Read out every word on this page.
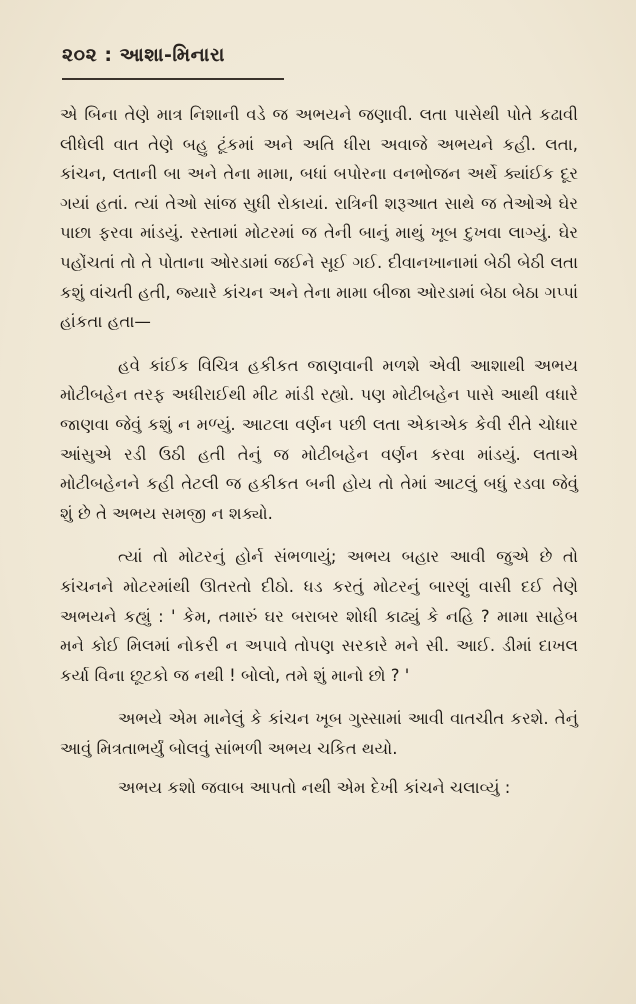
૨૦૨ : આશા-મિનારા

એ બિના તેણે માત્ર નિશાની વડે જ અભયને જણાવી. લતા પાસેથી પોતે કઢાવી લીધેલી વાત તેણે બહુ ટૂંકમાં અને અતિ ધીરા અવાજે અભયને કહી. લતા, કાંચન, લતાની બા અને તેના મામા, બધાં બપોરના વનભોજન અર્થે ક્યાંઈક દૂર ગયાં હતાં. ત્યાં તેઓ સાંજ સુધી રોકાયાં. રાત્રિની શરૂઆત સાથે જ તેઓએ ઘેર પાછા ફરવા માંડયું. રસ્તામાં મોટરમાં જ તેની બાનું માથું ખૂબ દુખવા લાગ્યું. ઘેર પહોંચતાં તો તે પોતાના ઓરડામાં જઈને સૂઈ ગઈ. દીવાનખાનામાં બેઠી બેઠી લતા કશું વાંચતી હતી, જ્યારે કાંચન અને તેના મામા બીજા ઓરડામાં બેઠા બેઠા ગપ્પાં હાંકતા હતા—

હવે કાંઈક વિચિત્ર હકીકત જાણવાની મળશે એવી આશાથી અભય મોટીબહેન તરફ અધીરાઈથી મીટ માંડી રહ્યો. પણ મોટીબહેન પાસે આથી વધારે જાણવા જેવું કશું ન મળ્યું. આટલા વર્ણન પછી લતા એકાએક કેવી રીતે ચોધાર આંસુએ રડી ઉઠી હતી તેનું જ મોટીબહેન વર્ણન કરવા માંડયું. લતાએ મોટીબહેનને કહી તેટલી જ હકીકત બની હોય તો તેમાં આટલું બધું રડવા જેવું શું છે તે અભય સમજી ન શક્યો.

ત્યાં તો મોટરનું હોર્ન સંભળાયું; અભય બહાર આવી જુએ છે તો કાંચનને મોટરમાંથી ઊતરતો દીઠો. ધડ કરતું મોટરનું બારણું વાસી દઈ તેણે અભયને કહ્યું : ' કેમ, તમારું ઘર બરાબર શોધી કાઢ્યું કે નહિ ? મામા સાહેબ મને કોઈ મિલમાં નોકરી ન અપાવે તોપણ સરકારે મને સી. આઈ. ડીમાં દાખલ કર્યા વિના છૂટકો જ નથી ! બોલો, તમે શું માનો છો ? '

અભયે એમ માનેલું કે કાંચન ખૂબ ગુસ્સામાં આવી વાતચીત કરશે. તેનું આવું મિત્રતાભર્યું બોલવું સાંભળી અભય ચકિત થયો.

અભય કશો જવાબ આપતો નથી એમ દેખી કાંચને ચલાવ્યું :
